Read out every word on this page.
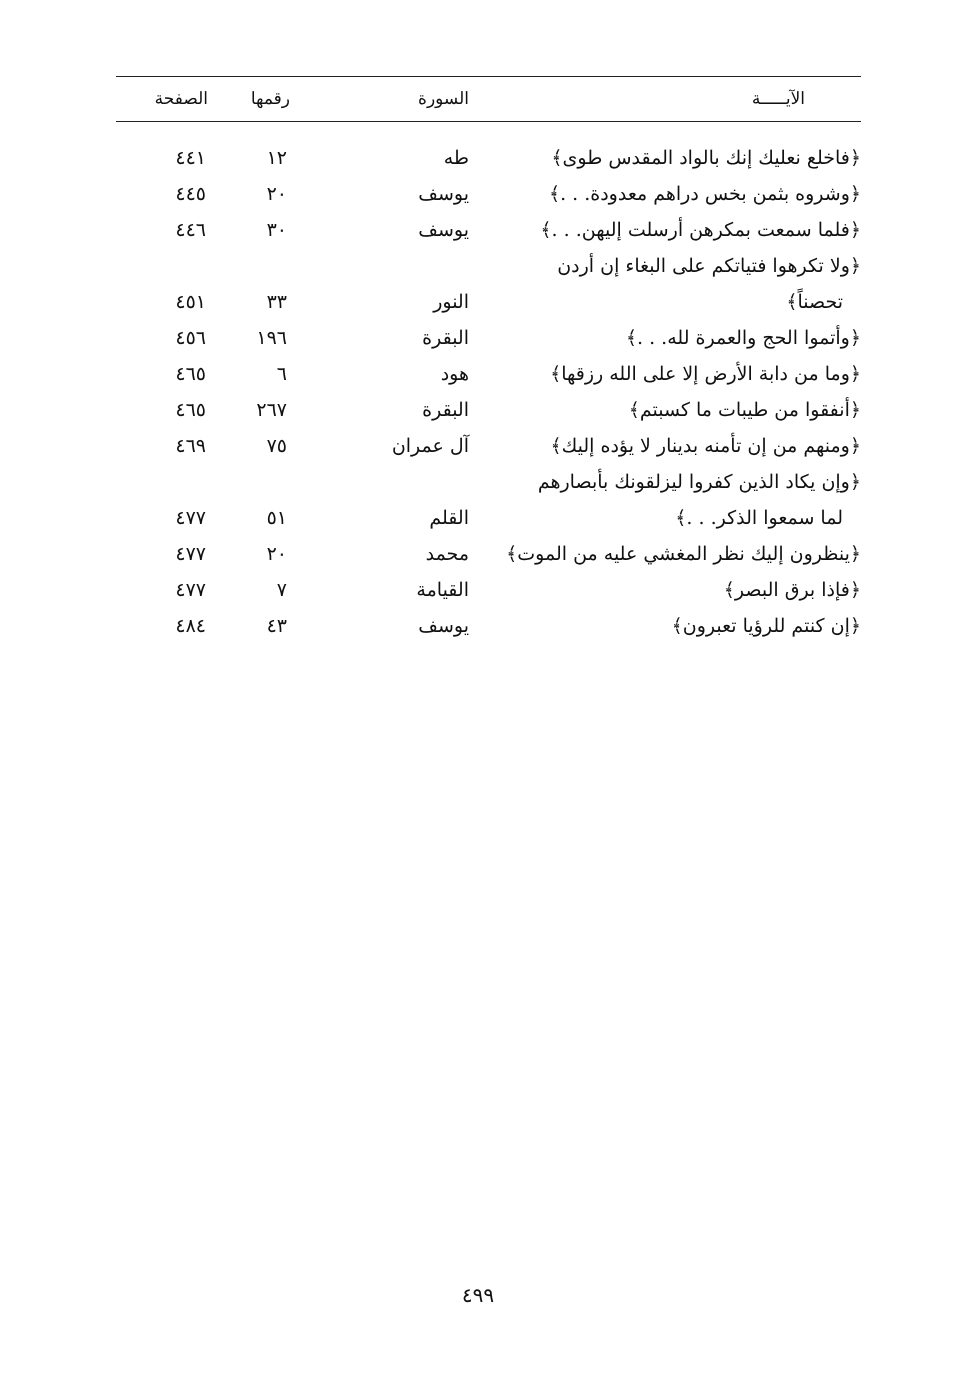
الآيـــــة
السورة
رقمها
الصفحة
﴿فاخلع نعليك إنك بالواد المقدس طوى﴾
طه
١٢
٤٤١
﴿وشروه بثمن بخس دراهم معدودة. . .﴾
يوسف
٢٠
٤٤٥
﴿فلما سمعت بمكرهن أرسلت إليهن. . .﴾
يوسف
٣٠
٤٤٦
﴿ولا تكرهوا فتياتكم على البغاء إن أردن
تحصناً﴾
النور
٣٣
٤٥١
﴿وأتموا الحج والعمرة لله. . .﴾
البقرة
١٩٦
٤٥٦
﴿وما من دابة الأرض إلا على الله رزقها﴾
هود
٦
٤٦٥
﴿أنفقوا من طيبات ما كسبتم﴾
البقرة
٢٦٧
٤٦٥
﴿ومنهم من إن تأمنه بدينار لا يؤده إليك﴾
آل عمران
٧٥
٤٦٩
﴿وإن يكاد الذين كفروا ليزلقونك بأبصارهم
لما سمعوا الذكر. . .﴾
القلم
٥١
٤٧٧
﴿ينظرون إليك نظر المغشي عليه من الموت﴾
محمد
٢٠
٤٧٧
﴿فإذا برق البصر﴾
القيامة
٧
٤٧٧
﴿إن كنتم للرؤيا تعبرون﴾
يوسف
٤٣
٤٨٤
٤٩٩
